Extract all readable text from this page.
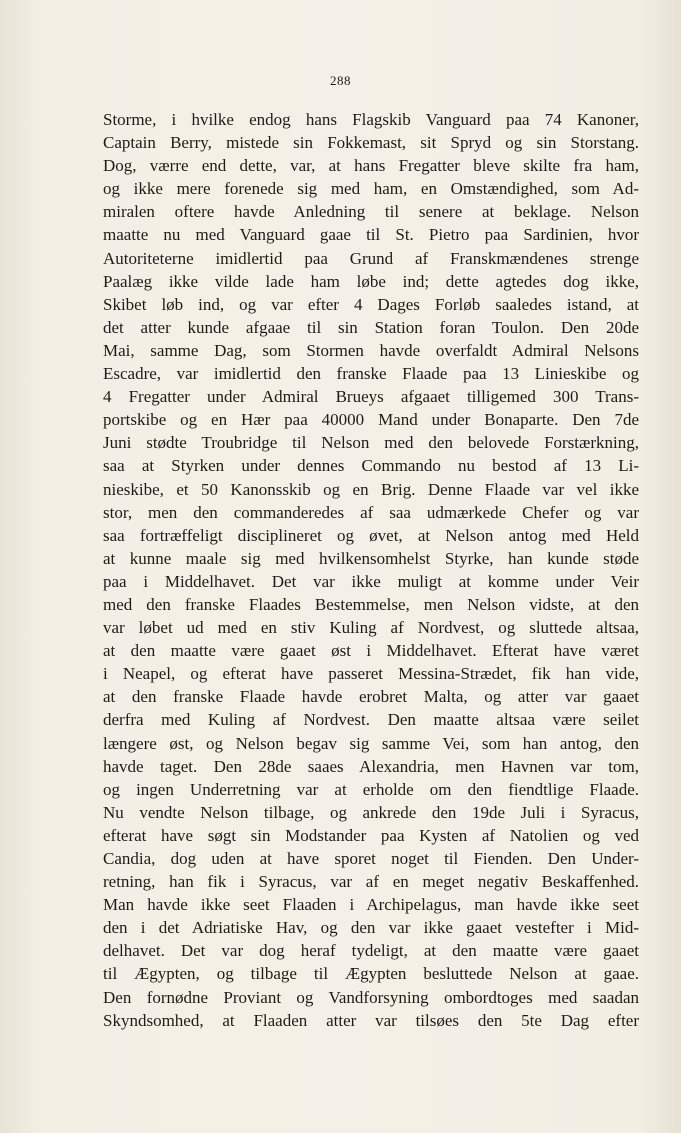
288
Storme, i hvilke endog hans Flagskib Vanguard paa 74 Kanoner,
Captain Berry, mistede sin Fokkemast, sit Spryd og sin Storstang.
Dog, værre end dette, var, at hans Fregatter bleve skilte fra ham,
og ikke mere forenede sig med ham, en Omstændighed, som Ad-
miralen oftere havde Anledning til senere at beklage. Nelson
maatte nu med Vanguard gaae til St. Pietro paa Sardinien, hvor
Autoriteterne imidlertid paa Grund af Franskmændenes strenge
Paalæg ikke vilde lade ham løbe ind; dette agtedes dog ikke,
Skibet løb ind, og var efter 4 Dages Forløb saaledes istand, at
det atter kunde afgaae til sin Station foran Toulon. Den 20de
Mai, samme Dag, som Stormen havde overfaldt Admiral Nelsons
Escadre, var imidlertid den franske Flaade paa 13 Linieskibe og
4 Fregatter under Admiral Brueys afgaaet tilligemed 300 Trans-
portskibe og en Hær paa 40000 Mand under Bonaparte. Den 7de
Juni stødte Troubridge til Nelson med den belovede Forstærkning,
saa at Styrken under dennes Commando nu bestod af 13 Li-
nieskibe, et 50 Kanonsskib og en Brig. Denne Flaade var vel ikke
stor, men den commanderedes af saa udmærkede Chefer og var
saa fortræffeligt disciplineret og øvet, at Nelson antog med Held
at kunne maale sig med hvilkensomhelst Styrke, han kunde støde
paa i Middelhavet. Det var ikke muligt at komme under Veir
med den franske Flaades Bestemmelse, men Nelson vidste, at den
var løbet ud med en stiv Kuling af Nordvest, og sluttede altsaa,
at den maatte være gaaet øst i Middelhavet. Efterat have været
i Neapel, og efterat have passeret Messina-Strædet, fik han vide,
at den franske Flaade havde erobret Malta, og atter var gaaet
derfra med Kuling af Nordvest. Den maatte altsaa være seilet
længere øst, og Nelson begav sig samme Vei, som han antog, den
havde taget. Den 28de saaes Alexandria, men Havnen var tom,
og ingen Underretning var at erholde om den fiendtlige Flaade.
Nu vendte Nelson tilbage, og ankrede den 19de Juli i Syracus,
efterat have søgt sin Modstander paa Kysten af Natolien og ved
Candia, dog uden at have sporet noget til Fienden. Den Under-
retning, han fik i Syracus, var af en meget negativ Beskaffenhed.
Man havde ikke seet Flaaden i Archipelagus, man havde ikke seet
den i det Adriatiske Hav, og den var ikke gaaet vestefter i Mid-
delhavet. Det var dog heraf tydeligt, at den maatte være gaaet
til Ægypten, og tilbage til Ægypten besluttede Nelson at gaae.
Den fornødne Proviant og Vandforsyning ombordtoges med saadan
Skyndsomhed, at Flaaden atter var tilsøes den 5te Dag efter
